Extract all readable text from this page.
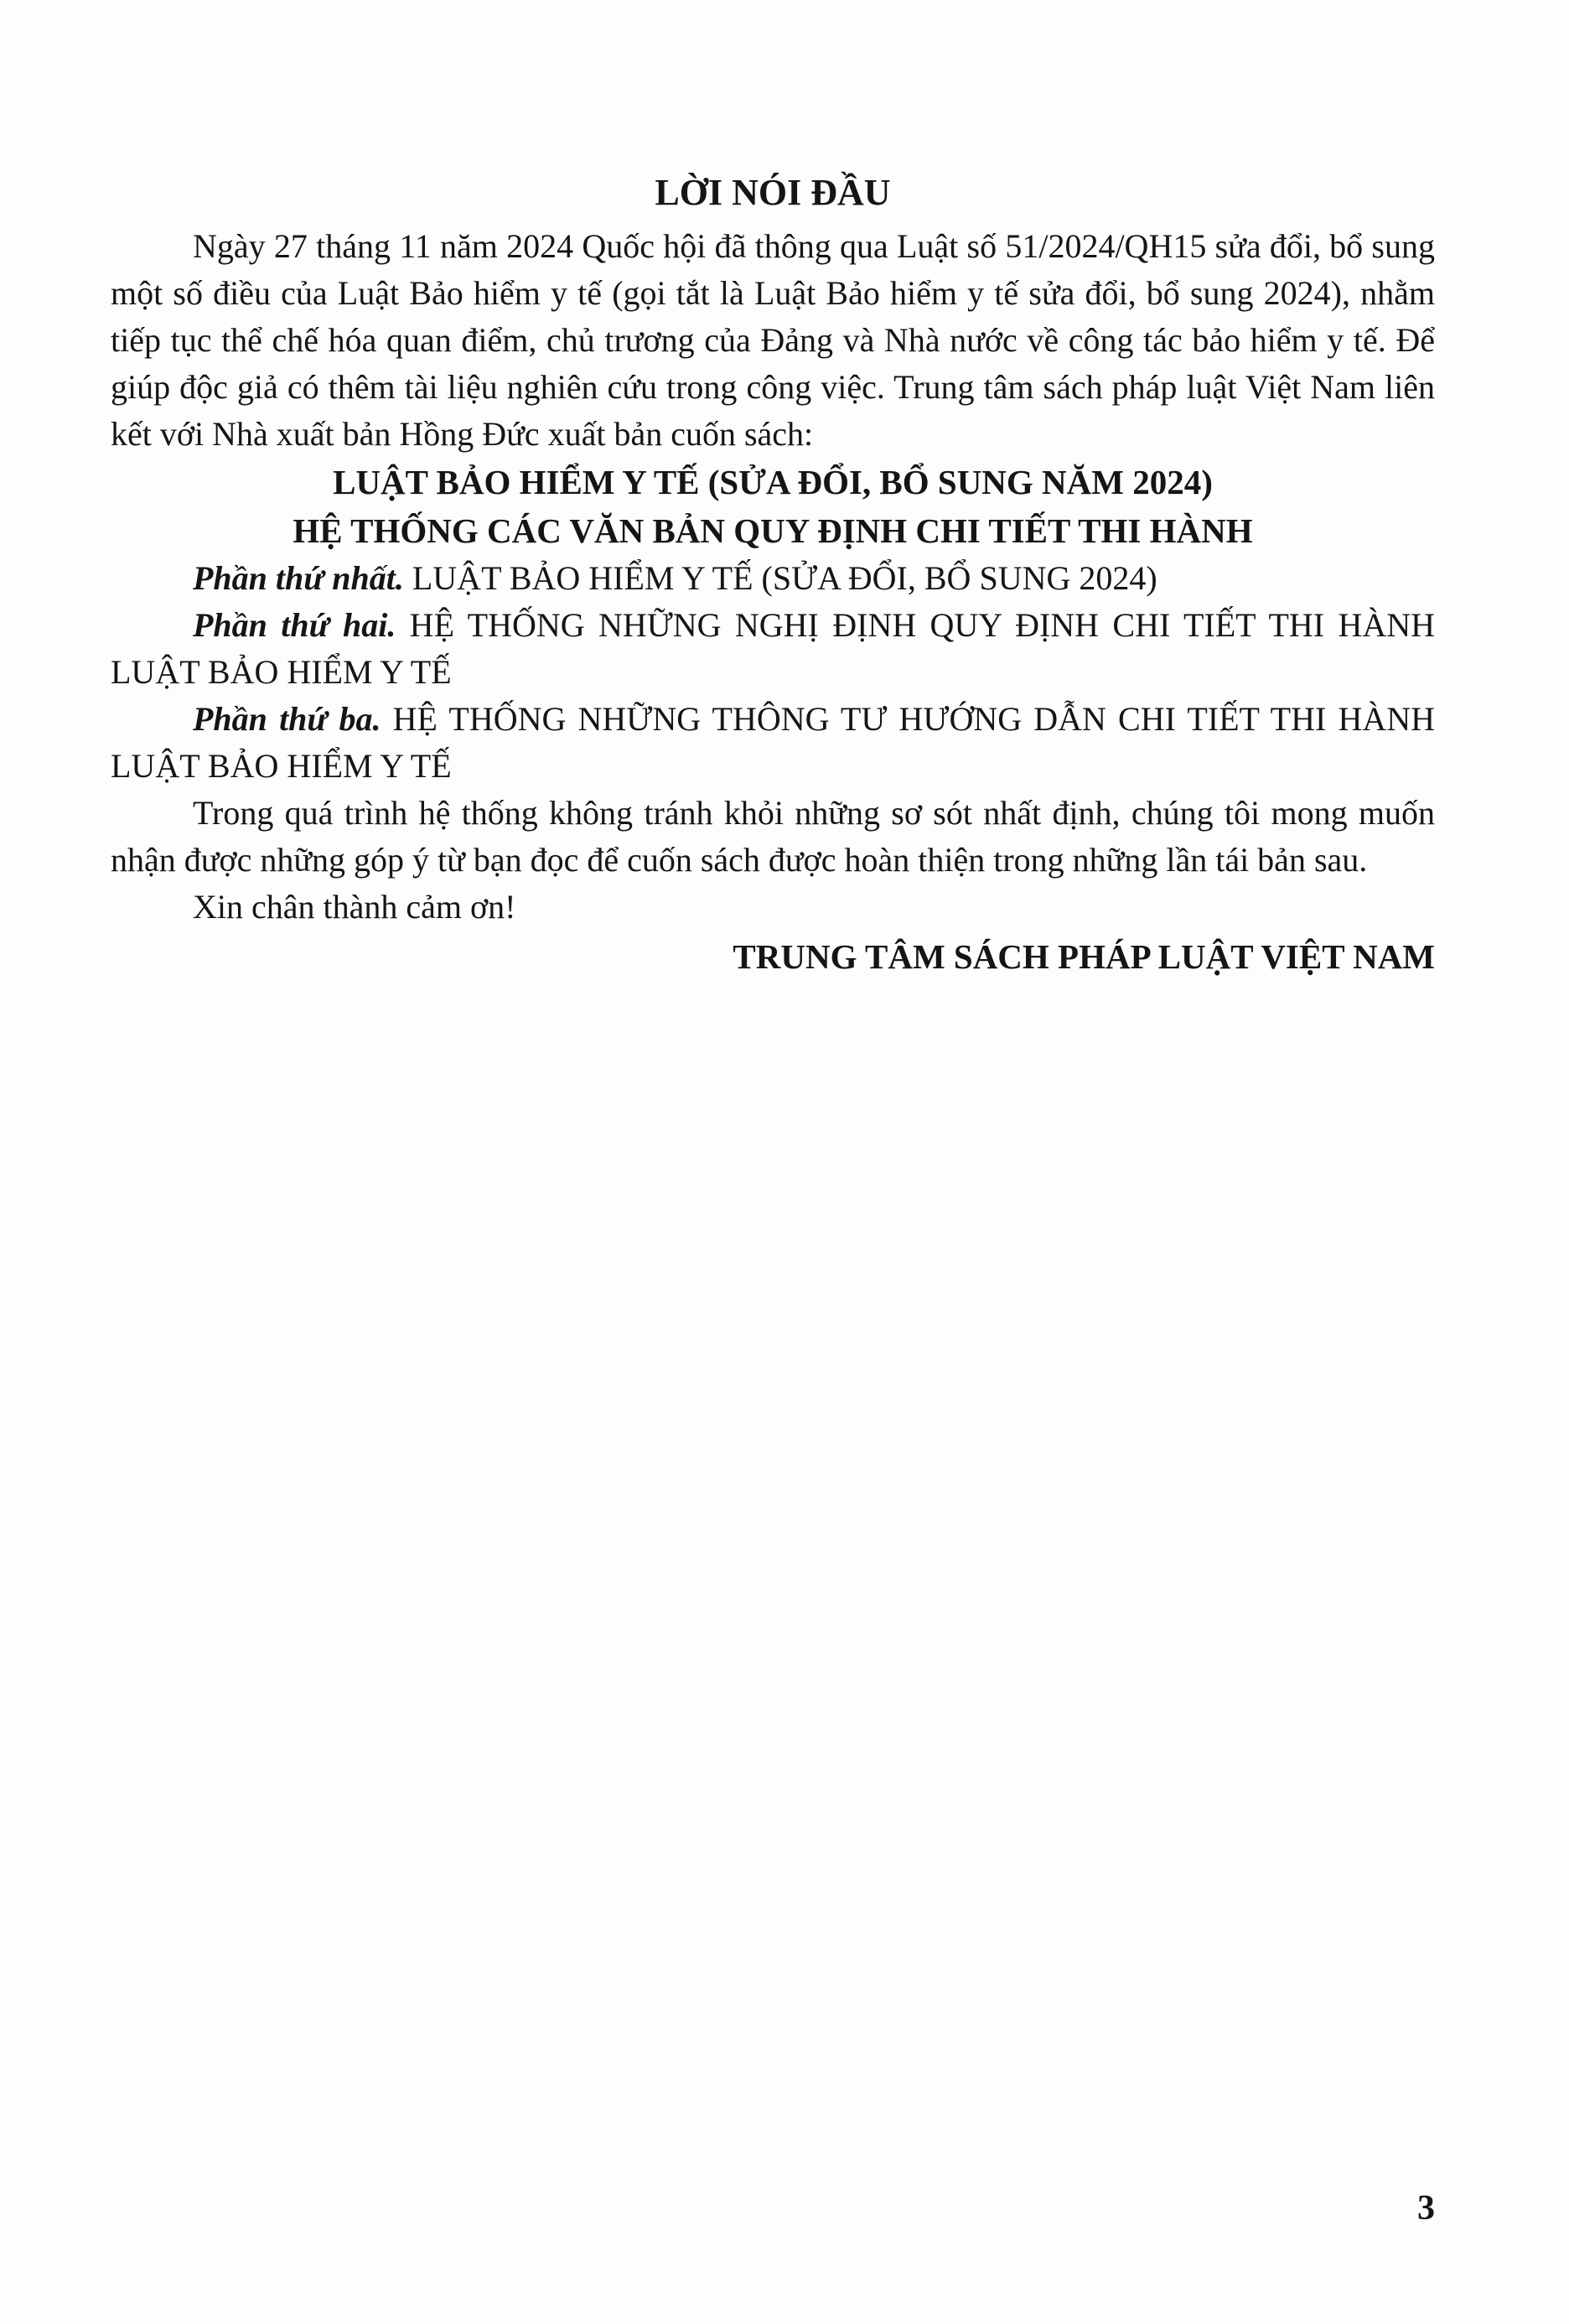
LỜI NÓI ĐẦU

Ngày 27 tháng 11 năm 2024 Quốc hội đã thông qua Luật số 51/2024/QH15 sửa đổi, bổ sung một số điều của Luật Bảo hiểm y tế (gọi tắt là Luật Bảo hiểm y tế sửa đổi, bổ sung 2024), nhằm tiếp tục thể chế hóa quan điểm, chủ trương của Đảng và Nhà nước về công tác bảo hiểm y tế. Để giúp độc giả có thêm tài liệu nghiên cứu trong công việc. Trung tâm sách pháp luật Việt Nam liên kết với Nhà xuất bản Hồng Đức xuất bản cuốn sách:

LUẬT BẢO HIỂM Y TẾ (SỬA ĐỔI, BỔ SUNG NĂM 2024)

HỆ THỐNG CÁC VĂN BẢN QUY ĐỊNH CHI TIẾT THI HÀNH

Phần thứ nhất. LUẬT BẢO HIỂM Y TẾ (SỬA ĐỔI, BỔ SUNG 2024)

Phần thứ hai. HỆ THỐNG NHỮNG NGHỊ ĐỊNH QUY ĐỊNH CHI TIẾT THI HÀNH LUẬT BẢO HIỂM Y TẾ

Phần thứ ba. HỆ THỐNG NHỮNG THÔNG TƯ HƯỚNG DẪN CHI TIẾT THI HÀNH LUẬT BẢO HIỂM Y TẾ

Trong quá trình hệ thống không tránh khỏi những sơ sót nhất định, chúng tôi mong muốn nhận được những góp ý từ bạn đọc để cuốn sách được hoàn thiện trong những lần tái bản sau.

Xin chân thành cảm ơn!

TRUNG TÂM SÁCH PHÁP LUẬT VIỆT NAM

3
